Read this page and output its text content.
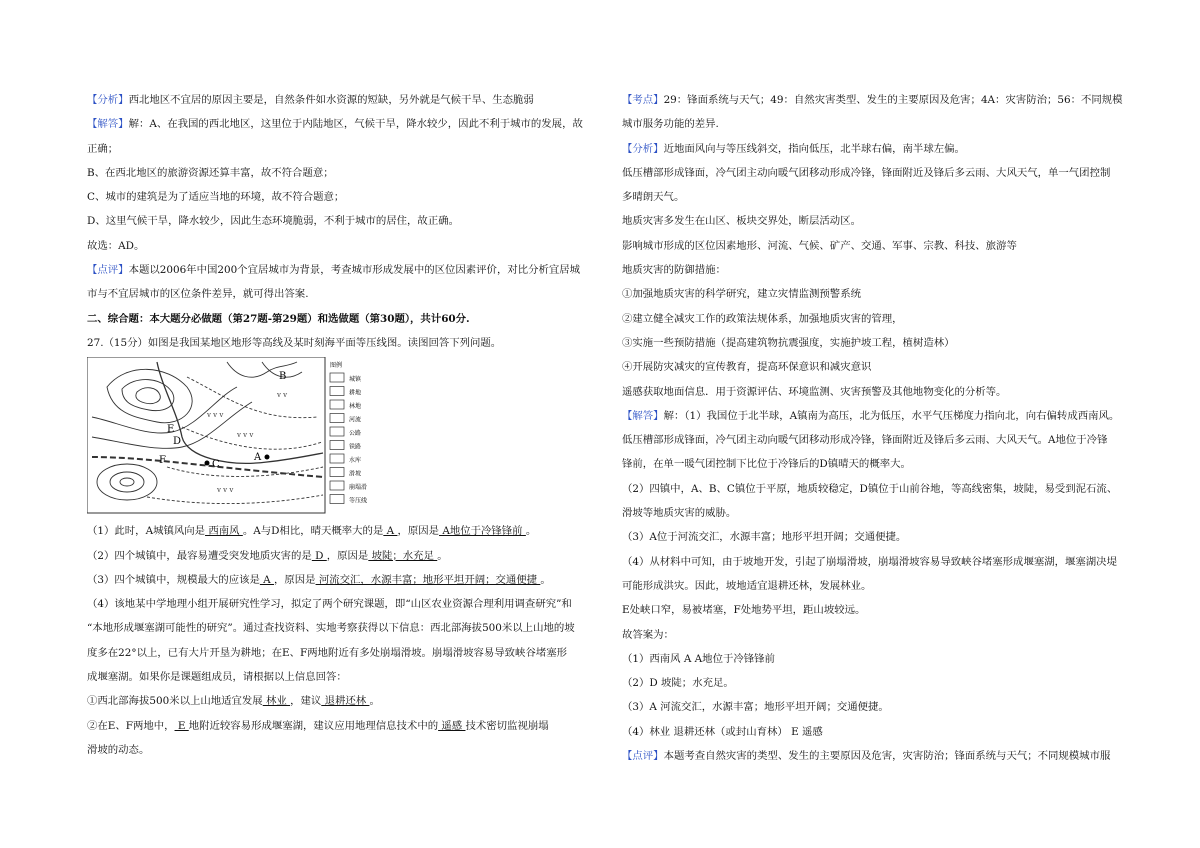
【分析】西北地区不宜居的原因主要是，自然条件如水资源的短缺，另外就是气候干旱、生态脆弱
【解答】解：A、在我国的西北地区，这里位于内陆地区，气候干旱，降水较少，因此不利于城市的发展，故
正确；
B、在西北地区的旅游资源还算丰富，故不符合题意；
C、城市的建筑是为了适应当地的环境，故不符合题意；
D、这里气候干旱，降水较少，因此生态环境脆弱，不利于城市的居住，故正确。
故选：AD。
【点评】本题以2006年中国200个宜居城市为背景，考查城市形成发展中的区位因素评价，对比分析宜居城
市与不宜居城市的区位条件差异，就可得出答案.
二、综合题：本大题分必做题（第27题-第29题）和选做题（第30题），共计60分.
27.（15分）如图是我国某地区地形等高线及某时刻海平面等压线图。读图回答下列问题。
v v v
v v v
v v
v v v
B
A
C
D
E
F
图例
城镇
耕地
林地
河流
公路
铁路
水库
滑坡
崩塌滑
等压线
（1）此时，A城镇风向是 西南风 。A与D相比，晴天概率大的是 A ，原因是 A地位于冷锋锋前 。
（2）四个城镇中，最容易遭受突发地质灾害的是 D ，原因是 坡陡；水充足 。
（3）四个城镇中，规模最大的应该是 A ，原因是 河流交汇，水源丰富；地形平坦开阔；交通便捷 。
（4）该地某中学地理小组开展研究性学习，拟定了两个研究课题，即“山区农业资源合理利用调查研究”和
“本地形成堰塞湖可能性的研究”。通过查找资料、实地考察获得以下信息：西北部海拔500米以上山地的坡
度多在22°以上，已有大片开垦为耕地；在E、F两地附近有多处崩塌滑坡。崩塌滑坡容易导致峡谷堵塞形
成堰塞湖。如果你是课题组成员，请根据以上信息回答：
①西北部海拔500米以上山地适宜发展 林业 ，建议 退耕还林 。
②在E、F两地中， E 地附近较容易形成堰塞湖，建议应用地理信息技术中的 遥感 技术密切监视崩塌
滑坡的动态。
【考点】29：锋面系统与天气；49：自然灾害类型、发生的主要原因及危害；4A：灾害防治；56：不同规模
城市服务功能的差异.
【分析】近地面风向与等压线斜交，指向低压，北半球右偏，南半球左偏。
低压槽部形成锋面，冷气团主动向暖气团移动形成冷锋，锋面附近及锋后多云雨、大风天气，单一气团控制
多晴朗天气。
地质灾害多发生在山区、板块交界处，断层活动区。
影响城市形成的区位因素地形、河流、气候、矿产、交通、军事、宗教、科技、旅游等
地质灾害的防御措施：
①加强地质灾害的科学研究，建立灾情监测预警系统
②建立健全减灾工作的政策法规体系，加强地质灾害的管理，
③实施一些预防措施（提高建筑物抗震强度，实施护坡工程，植树造林）
④开展防灾减灾的宣传教育，提高环保意识和减灾意识
遥感获取地面信息．用于资源评估、环境监测、灾害预警及其他地物变化的分析等。
【解答】解：（1）我国位于北半球，A镇南为高压，北为低压，水平气压梯度力指向北，向右偏转成西南风。
低压槽部形成锋面，冷气团主动向暖气团移动形成冷锋，锋面附近及锋后多云雨、大风天气。A地位于冷锋
锋前，在单一暖气团控制下比位于冷锋后的D镇晴天的概率大。
（2）四镇中，A、B、C镇位于平原，地质较稳定，D镇位于山前谷地，等高线密集，坡陡，易受到泥石流、
滑坡等地质灾害的威胁。
（3）A位于河流交汇，水源丰富；地形平坦开阔；交通便捷。
（4）从材料中可知，由于坡地开发，引起了崩塌滑坡，崩塌滑坡容易导致峡谷堵塞形成堰塞湖，堰塞湖决堤
可能形成洪灾。因此，坡地适宜退耕还林，发展林业。
E处峡口窄，易被堵塞，F处地势平坦，距山坡较远。
故答案为：
（1）西南风 A A地位于冷锋锋前
（2）D 坡陡；水充足。
（3）A 河流交汇，水源丰富；地形平坦开阔；交通便捷。
（4）林业 退耕还林（或封山育林） E 遥感
【点评】本题考查自然灾害的类型、发生的主要原因及危害，灾害防治；锋面系统与天气；不同规模城市服
